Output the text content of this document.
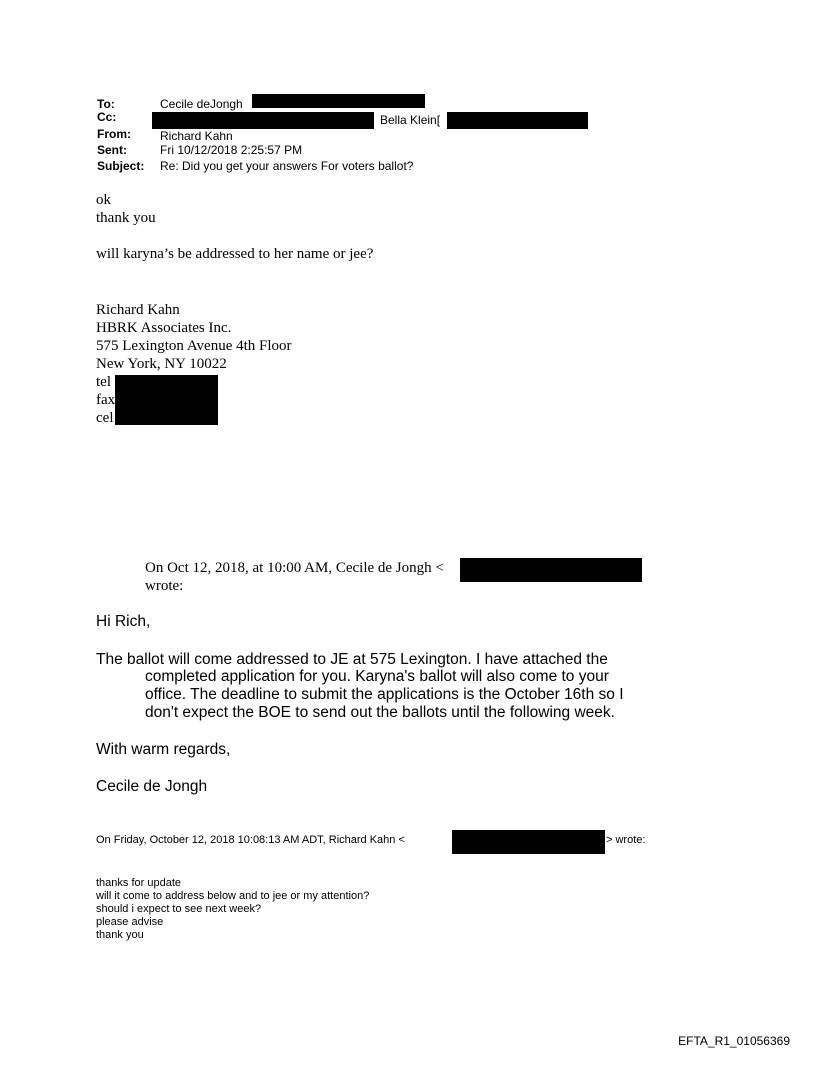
To:	Cecile deJongh
Cc:	Bella Klein[
From: Richard Kahn
Sent:	Fri 10/12/2018 2:25:57 PM
Subject: Re: Did you get your answers For voters ballot?
ok
thank you
will karyna’s be addressed to her name or jee?
Richard Kahn
HBRK Associates Inc.
575 Lexington Avenue 4th Floor
New York, NY 10022
tel
fax
cel
On Oct 12, 2018, at 10:00 AM, Cecile de Jongh <
wrote:
Hi Rich,
The ballot will come addressed to JE at 575 Lexington. I have attached the
completed application for you. Karyna's ballot will also come to your
office. The deadline to submit the applications is the October 16th so I
don't expect the BOE to send out the ballots until the following week.
With warm regards,
Cecile de Jongh
On Friday, October 12, 2018 10:08:13 AM ADT, Richard Kahn <	> wrote:
thanks for update
will it come to address below and to jee or my attention?
should i expect to see next week?
please advise
thank you
EFTA_R1_01056369
